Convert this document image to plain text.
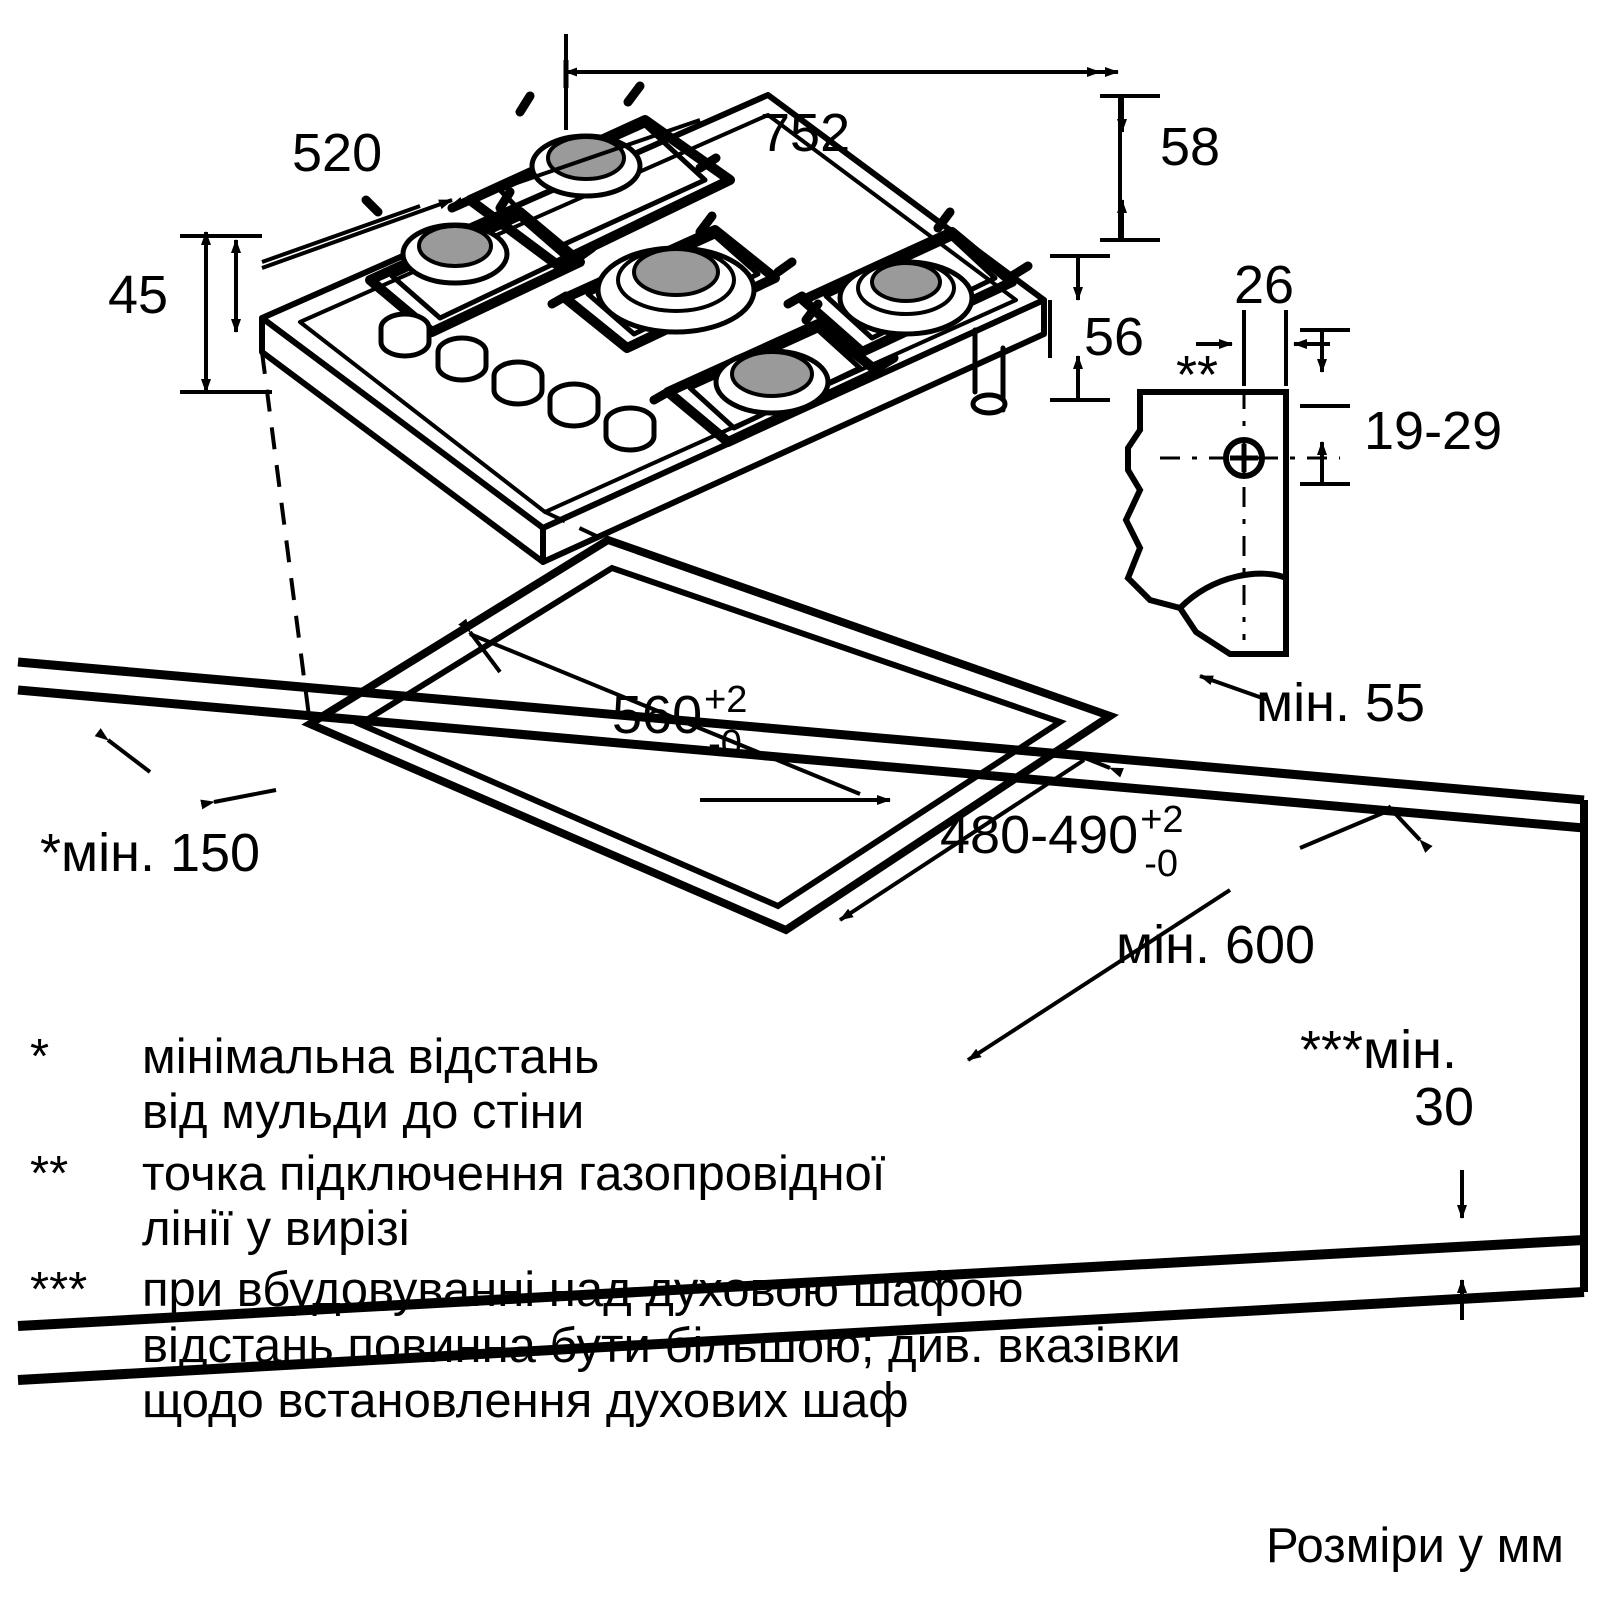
752
520
45
58
56
26
19-29
**
560 +2
-0
480-490 +2
-0
мін. 55
*мін. 150
мін. 600
***мін.
30
*	мінімальна відстань
від мульди до стіни
**	точка підключення газопровідної
лінії у вирізі
***	при вбудовуванні над духовою шафою
відстань повинна бути більшою; див. вказівки
щодо встановлення духових шаф
Розміри у мм
